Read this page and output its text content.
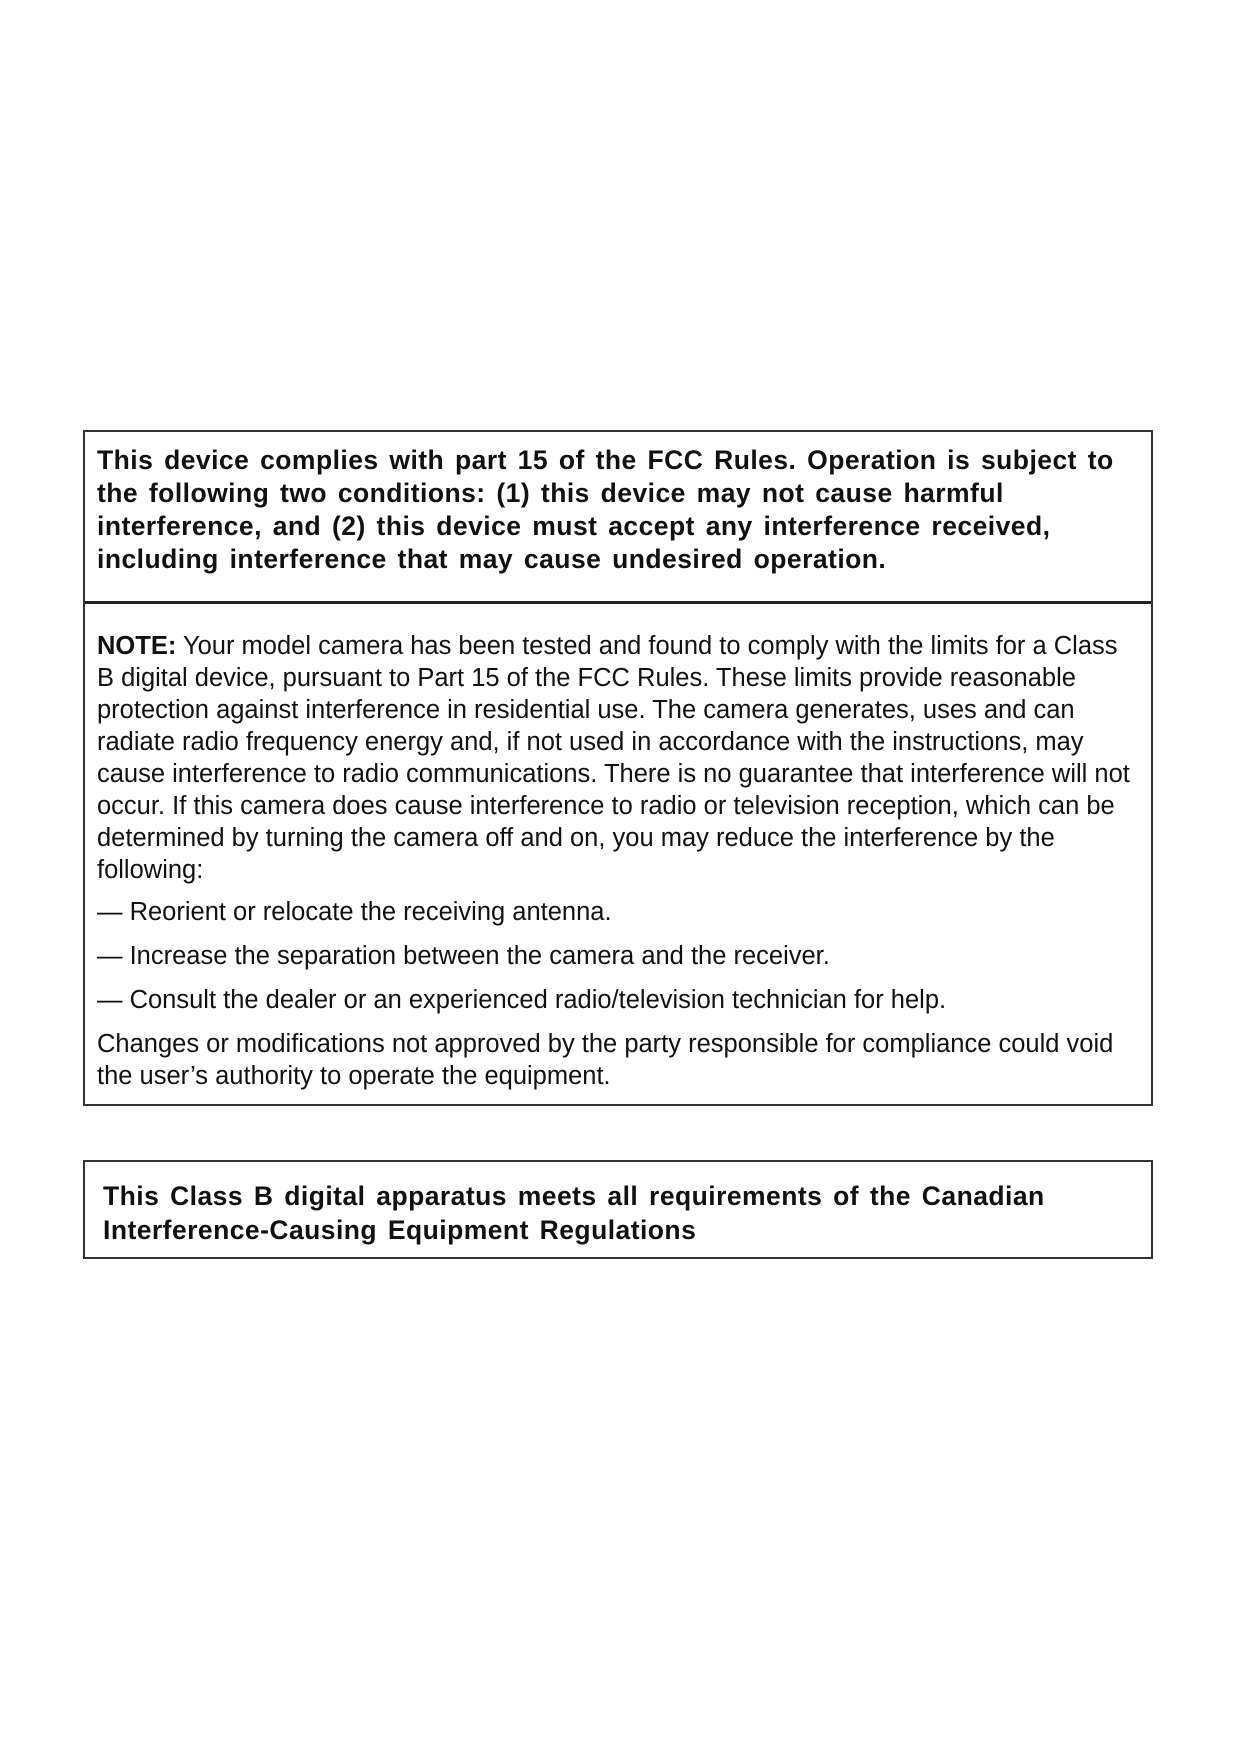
This device complies with part 15 of the FCC Rules. Operation is subject to the following two conditions: (1) this device may not cause harmful interference, and (2) this device must accept any interference received, including interference that may cause undesired operation.

NOTE: Your model camera has been tested and found to comply with the limits for a Class B digital device, pursuant to Part 15 of the FCC Rules. These limits provide reasonable protection against interference in residential use. The camera generates, uses and can radiate radio frequency energy and, if not used in accordance with the instructions, may cause interference to radio communications. There is no guarantee that interference will not occur. If this camera does cause interference to radio or television reception, which can be determined by turning the camera off and on, you may reduce the interference by the following:

— Reorient or relocate the receiving antenna.
— Increase the separation between the camera and the receiver.
— Consult the dealer or an experienced radio/television technician for help.

Changes or modifications not approved by the party responsible for compliance could void the user’s authority to operate the equipment.

This Class B digital apparatus meets all requirements of the Canadian Interference-Causing Equipment Regulations
